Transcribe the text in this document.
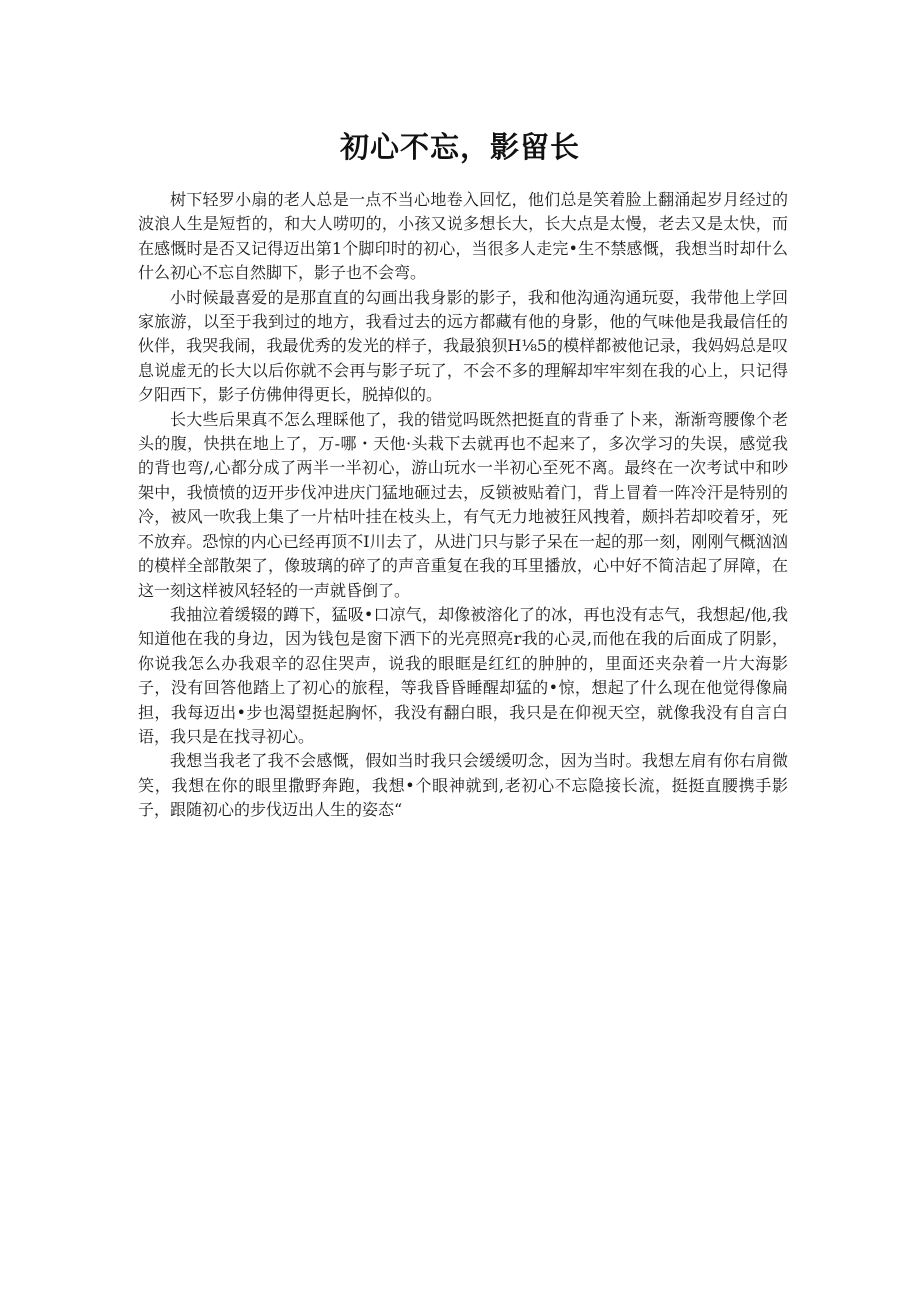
初心不忘，影留长

树下轻罗小扇的老人总是一点不当心地卷入回忆，他们总是笑着脸上翻涌起岁月经过的波浪人生是短哲的，和大人唠叨的，小孩又说多想长大，长大点是太慢，老去又是太快，而在感慨时是否又记得迈出第1个脚印时的初心，当很多人走完•生不禁感慨，我想当时却什么什么初心不忘自然脚下，影子也不会弯。

小时候最喜爱的是那直直的勾画出我身影的影子，我和他沟通沟通玩耍，我带他上学回家旅游，以至于我到过的地方，我看过去的远方都藏有他的身影，他的气味他是我最信任的伙伴，我哭我闹，我最优秀的发光的样子，我最狼狈H⅛5的模样都被他记录，我妈妈总是叹息说虚无的长大以后你就不会再与影子玩了，不会不多的理解却牢牢刻在我的心上，只记得夕阳西下，影子仿佛伸得更长，脱掉似的。

长大些后果真不怎么理睬他了，我的错觉吗既然把挺直的背垂了卜来，渐渐弯腰像个老头的腹，快拱在地上了，万-哪・天他·头栽下去就再也不起来了，多次学习的失误，感觉我的背也弯/,心都分成了两半一半初心，游山玩水一半初心至死不离。最终在一次考试中和吵架中，我愤愤的迈开步伐冲进庆门猛地砸过去，反锁被贴着门，背上冒着一阵冷汗是特别的冷，被风一吹我上集了一片枯叶挂在枝头上，有气无力地被狂风拽着，颇抖若却咬着牙，死不放弃。恐惊的内心已经再顶不I川去了，从进门只与影子呆在一起的那一刻，刚刚气概汹汹的模样全部散架了，像玻璃的碎了的声音重复在我的耳里播放，心中好不简洁起了屏障，在这一刻这样被风轻轻的一声就昏倒了。

我抽泣着缓辍的蹲下，猛吸•口凉气，却像被溶化了的冰，再也没有志气，我想起/他,我知道他在我的身边，因为钱包是窗下洒下的光亮照亮r我的心灵,而他在我的后面成了阴影，你说我怎么办我艰辛的忍住哭声，说我的眼眶是红红的肿肿的，里面还夹杂着一片大海影子，没有回答他踏上了初心的旅程，等我昏昏睡醒却猛的•惊，想起了什么现在他觉得像扁担，我每迈出•步也渴望挺起胸怀，我没有翻白眼，我只是在仰视天空，就像我没有自言白语，我只是在找寻初心。

我想当我老了我不会感慨，假如当时我只会缓缓叨念，因为当时。我想左肩有你右肩微笑，我想在你的眼里撒野奔跑，我想•个眼神就到,老初心不忘隐接长流，挺挺直腰携手影子，跟随初心的步伐迈出人生的姿态“
